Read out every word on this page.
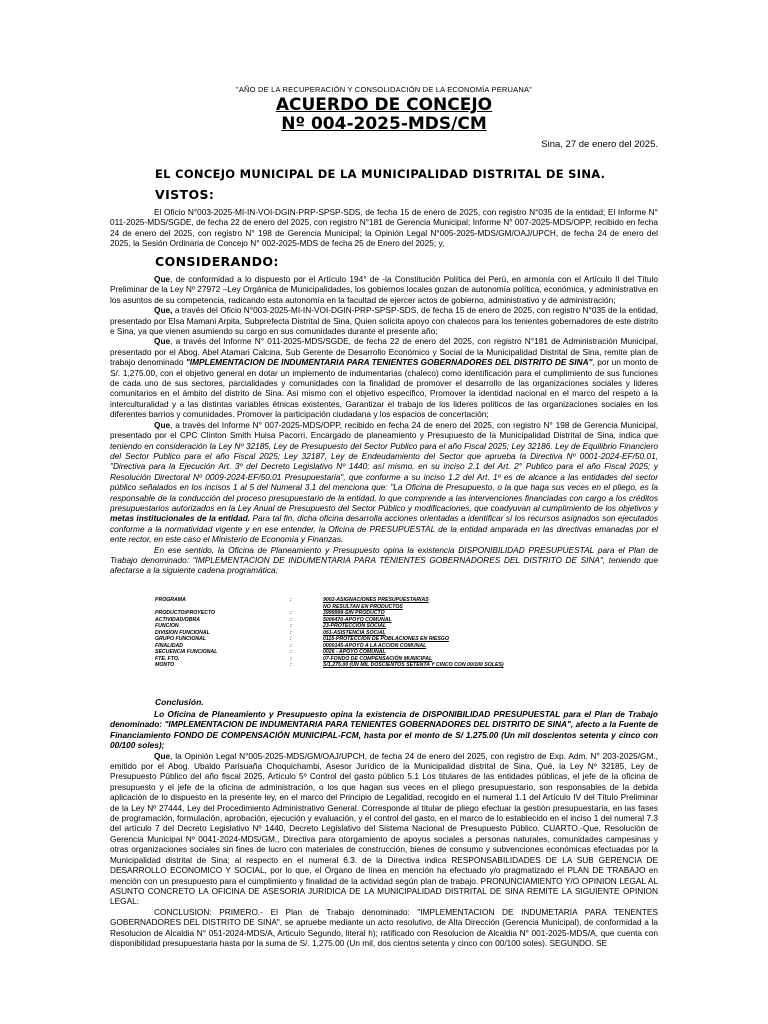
"AÑO DE LA RECUPERACIÓN Y CONSOLIDACIÓN DE LA ECONOMÍA PERUANA"
ACUERDO DE CONCEJO
Nº 004-2025-MDS/CM
Sina, 27 de enero del 2025.
EL CONCEJO MUNICIPAL DE LA MUNICIPALIDAD DISTRITAL DE SINA.
VISTOS:

El Oficio N°003-2025-MI-IN-VOI-DGIN-PRP-SPSP-SDS, de fecha 15 de enero de 2025, con registro N°035 de la entidad; El Informe N° 011-2025-MDS/SGDE, de fecha 22 de enero del 2025, con registro N°181 de Gerencia Municipal; Informe N° 007-2025-MDS/OPP, recibido en fecha 24 de enero del 2025, con registro N° 198 de Gerencia Municipal; la Opinión Legal N°005-2025-MDS/GM/OAJ/UPCH, de fecha 24 de enero del 2025, la Sesión Ordinaria de Concejo N° 002-2025-MDS de fecha 25 de Enero del 2025; y,

CONSIDERANDO:

Que, de conformidad a lo dispuesto por el Artículo 194° de -la Constitución Política del Perú, en armonía con el Artículo II del Título Preliminar de la Ley Nº 27972 –Ley Orgánica de Municipalidades, los gobiernos locales gozan de autonomía política, económica, y administrativa en los asuntos de su competencia, radicando esta autonomía en la facultad de ejercer actos de gobierno, administrativo y de administración;

Que, a través del Oficio N°003-2025-MI-IN-VOI-DGIN-PRP-SPSP-SDS, de fecha 15 de enero de 2025, con registro N°035 de la entidad, presentado por Elsa Mamani Arpita, Subprefecta Distrital de Sina, Quien solicita apoyo con chalecos para los tenientes gobernadores de este distrito e Sina, ya que vienen asumiendo su cargo en sus comunidades durante el presente año;

Que, a través del Informe N° 011-2025-MDS/SGDE, de fecha 22 de enero del 2025, con registro N°181 de Administración Municipal, presentado por el Abog. Abel Atamari Calcina, Sub Gerente de Desarrollo Económico y Social de la Municipalidad Distrital de Sina, remite plan de trabajo denominado "IMPLEMENTACION DE INDUMENTARIA PARA TENIENTES GOBERNADORES DEL DISTRITO DE SINA", por un monto de S/. 1,275.00, con el objetivo general en dotar un implemento de indumentarias (chaleco) como identificación para el cumplimiento de sus funciones de cada uno de sus sectores, parcialidades y comunidades con la finalidad de promover el desarrollo de las organizaciones sociales y lideres comunitarios en el ámbito del distrito de Sina. Asi mismo con el objetivo especifico, Promover la identidad nacional en el marco del respeto a la interculturalidad y a las distintas variables étnicas existentes, Garantizar el trabajo de los lideres políticos de las organizaciones sociales en los diferentes barrios y comunidades. Promover la participación ciudadana y los espacios de concertación;

Que, a través del Informe N° 007-2025-MDS/OPP, recibido en fecha 24 de enero del 2025, con registro N° 198 de Gerencia Municipal, presentado por el CPC Clinton Smith Huisa Pacorri, Encargado de planeamiento y Presupuesto de la Municipalidad Distrital de Sina, indica que teniendo en consideración la Ley Nº 32185, Ley de Presupuesto del Sector Publico para el año Fiscal 2025; Ley 32186. Ley de Equilibrio Financiero del Sector Publico para el año Fiscal 2025; Ley 32187, Ley de Endeudamiento del Sector que aprueba la Directiva Nº 0001-2024-EF/50.01, "Directiva para la Ejecución Art. 3º del Decreto Legislativo Nº 1440; así mismo, en su inciso 2.1 del Art. 2° Publico para el año Fiscal 2025; y Resolución Directoral Nº 0009-2024-EF/50.01 Presupuestaria", que conforme a su inciso 1.2 del Art. 1º es de alcance a las entidades del sector público señalados en los incisos 1 al 5 del Numeral 3.1 del menciona que: "La Oficina de Presupuesto, o la que haga sus veces en el pliego, es la responsable de la conducción del proceso presupuestario de la entidad, lo que comprende a las intervenciones financiadas con cargo a los créditos presupuestarios autorizados en la Ley Anual de Presupuesto del Sector Público y modificaciones, que coadyuvan al cumplimiento de los objetivos y metas institucionales de la entidad. Para tal fin, dicha oficina desarrolla acciones orientadas a identificar sí los recursos asignados son ejecutados conforme a la normatividad vigente y en ese entender, la Oficina de PRESUPUESTAL de la entidad amparada en las directivas emanadas por el ente rector, en este caso el Ministerio de Economía y Finanzas.

En ese sentido, la Oficina de Planeamiento y Presupuesto opina la existencia DISPONIBILIDAD PRESUPUESTAL para el Plan de Trabajo denominado: "IMPLEMENTACION DE INDUMENTARIA PARA TENIENTES GOBERNADORES DEL DISTRITO DE SINA", teniendo que afectarse a la siguiente cadena programática:

PROGRAMA	:	9002-ASIGNACIONES PRESUPUESTARIAS
NO RESULTAN EN PRODUCTOS
PRODUCTO/PROYECTO	:	3999999-SIN PRODUCTO
ACTIVIDAD/OBRA	:	5006470-APOYO COMUNAL
FUNCION	:	23-PROTECCION SOCIAL
DIVISION FUNCIONAL	:	051-ASISTENCIA SOCIAL
GRUPO FUNCIONAL	:	0115-PROTECCION DE POBLACIONES EN RIESGO
FINALIDAD	:	0000145-APOYO A LA ACCION COMUNAL
SECUENCIA FUNCIONAL	:	0026 - APOYO COMUNAL
FTE. FTO.	:	07-FONDO DE COMPENSACIÓN MUNICIPAL
MONTO	:	S/1,275.00 (UN MIL DOSCIENTOS SETENTA Y CINCO CON 00/100 SOLES)
Conclusión.

Lo Oficina de Planeamiento y Presupuesto opina la existencia de DISPONIBILIDAD PRESUPUESTAL para el Plan de Trabajo denominado: "IMPLEMENTACION DE INDUMENTARIA PARA TENIENTES GOBERNADORES DEL DISTRITO DE SINA", afecto a la Fuente de Financiamiento FONDO DE COMPENSACIÓN MUNICIPAL-FCM, hasta por el monto de S/ 1.275.00 (Un mil doscientos setenta y cinco con 00/100 soles);

Que, la Opinión Legal N°005-2025-MDS/GM/OAJ/UPCH, de fecha 24 de enero del 2025, con registro de Exp. Adm. N° 203-2025/GM., emitido por el Abog. Ubaldo Parisuaña Choquichambi, Asesor Jurídico de la Municipalidad distrital de Sina, Qué, la Ley Nº 32185, Ley de Presupuesto Público del año fiscal 2025, Artículo 5º Control del gasto público 5.1 Los titulares de las entidades públicas, el jefe de la oficina de presupuesto y el jefe de la oficina de administración, o los que hagan sus veces en el pliego presupuestario, son responsables de la debida aplicación de lo dispuesto en la presente ley, en el marco del Principio de Legalidad, recogido en el numeral 1.1 del Artículo IV del Título Preliminar de la Ley Nº 27444, Ley del Procedimiento Administrativo General. Corresponde al titular de pliego efectuar la gestión presupuestaria, en las fases de programación, formulación, aprobación, ejecución y evaluación, y el control del gasto, en el marco de lo establecido en el inciso 1 del numeral 7.3 del artículo 7 del Decreto Legislativo Nº 1440, Decreto Legislativo del Sistema Nacional de Presupuesto Público. CUARTO.-Que, Resolución de Gerencia Municipal Nº 0041-2024-MDS/GM., Directiva para otorgamiento de apoyos sociales a personas naturales, comunidades campesinas y otras organizaciones sociales sin fines de lucro con materiales de construcción, bienes de consumo y subvenciones económicas efectuadas por la Municipalidad distrital de Sina; al respecto en el numeral 6.3. de la Directiva indica RESPONSABILIDADES DE LA SUB GERENCIA DE DESARROLLO ECONOMICO Y SOCIAL, por lo que, el Órgano de línea en mención ha efectuado y/o pragmatizado el PLAN DE TRABAJO en mención con un presupuesto para el cumplimiento y finalidad de la actividad según plan de trabajo. PRONUNCIAMIENTO Y/O OPINION LEGAL AL ASUNTO CONCRETO LA OFICINA DE ASESORIA JURIDICA DE LA MUNICIPALIDAD DISTRITAL DE SINA REMITE LA SIGUIENTE OPINION LEGAL:

CONCLUSION: PRIMERO.- El Plan de Trabajo denominado: "IMPLEMENTACION DE INDUMETARIA PARA TENENTES GOBERNADORES DEL DISTRITO DE SINA", se apruebe mediante un acto resolutivo, de Alta Dirección (Gerencia Municipal), de conformidad a la Resolucion de Alcaldia N° 051-2024-MDS/A, Articulo Segundo, literal h); ratificado con Resolucion de Alcaldia N° 001-2025-MDS/A, que cuenta con disponibilidad presupuestaria hasta por la suma de S/. 1,275.00 (Un mil, dos cientos setenta y cinco con 00/100 soles). SEGUNDO. SE
